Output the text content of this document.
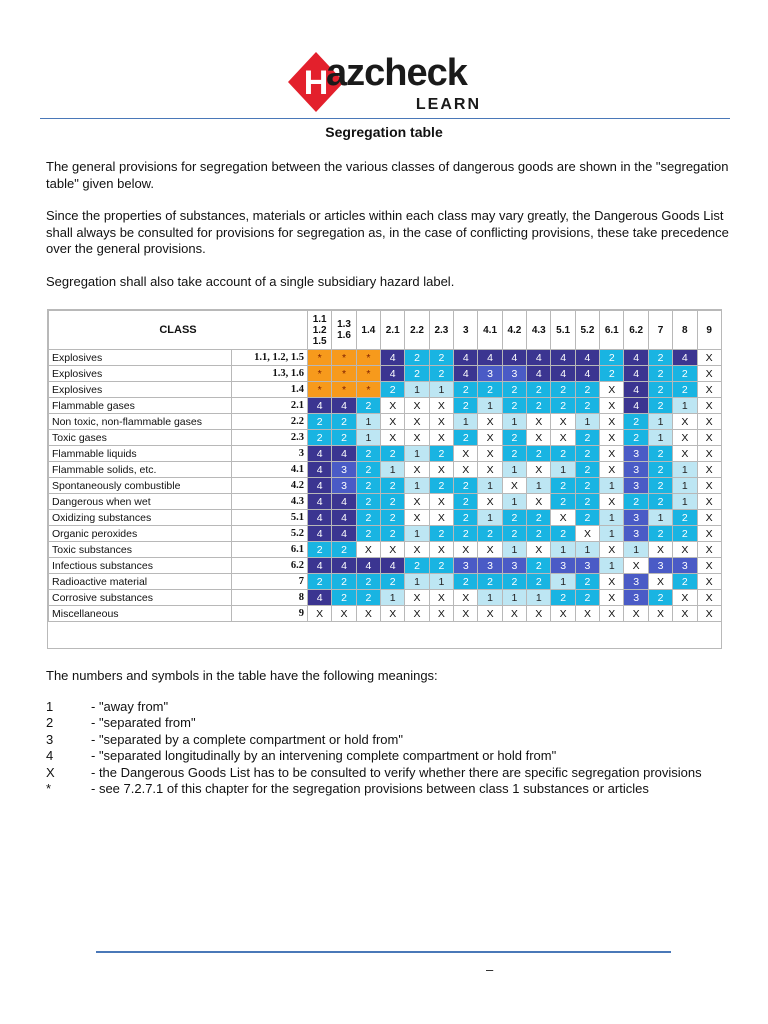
H
azcheck
LEARN
Segregation table

The general provisions for segregation between the various classes of dangerous goods are shown in the "segregation table" given below.

Since the properties of substances, materials or articles within each class may vary greatly, the Dangerous Goods List shall always be consulted for provisions for segregation as, in the case of conflicting provisions, these take precedence over the general provisions.

Segregation shall also take account of a single subsidiary hazard label.

CLASS		1.1 1.2 1.5	1.3 1.6	1.4	2.1	2.2	2.3	3	4.1	4.2	4.3	5.1	5.2	6.1	6.2	7	8	9
Explosives	1.1, 1.2, 1.5	*	*	*	4	2	2	4	4	4	4	4	4	2	4	2	4	X
Explosives	1.3, 1.6	*	*	*	4	2	2	4	3	3	4	4	4	2	4	2	2	X
Explosives	1.4	*	*	*	2	1	1	2	2	2	2	2	2	X	4	2	2	X
Flammable gases	2.1	4	4	2	X	X	X	2	1	2	2	2	2	X	4	2	1	X
Non toxic, non-flammable gases	2.2	2	2	1	X	X	X	1	X	1	X	X	1	X	2	1	X	X
Toxic gases	2.3	2	2	1	X	X	X	2	X	2	X	X	2	X	2	1	X	X
Flammable liquids	3	4	4	2	2	1	2	X	X	2	2	2	2	X	3	2	X	X
Flammable solids, etc.	4.1	4	3	2	1	X	X	X	X	1	X	1	2	X	3	2	1	X
Spontaneously combustible	4.2	4	3	2	2	1	2	2	1	X	1	2	2	1	3	2	1	X
Dangerous when wet	4.3	4	4	2	2	X	X	2	X	1	X	2	2	X	2	2	1	X
Oxidizing substances	5.1	4	4	2	2	X	X	2	1	2	2	X	2	1	3	1	2	X
Organic peroxides	5.2	4	4	2	2	1	2	2	2	2	2	2	X	1	3	2	2	X
Toxic substances	6.1	2	2	X	X	X	X	X	X	1	X	1	1	X	1	X	X	X
Infectious substances	6.2	4	4	4	4	2	2	3	3	3	2	3	3	1	X	3	3	X
Radioactive material	7	2	2	2	2	1	1	2	2	2	2	1	2	X	3	X	2	X
Corrosive substances	8	4	2	2	1	X	X	X	1	1	1	2	2	X	3	2	X	X
Miscellaneous	9	X	X	X	X	X	X	X	X	X	X	X	X	X	X	X	X	X

The numbers and symbols in the table have the following meanings:

1	- "away from"
2	- "separated from"
3	- "separated by a complete compartment or hold from"
4	- "separated longitudinally by an intervening complete compartment or hold from"
X	- the Dangerous Goods List has to be consulted to verify whether there are specific segregation provisions
*	- see 7.2.7.1 of this chapter for the segregation provisions between class 1 substances or articles
–
